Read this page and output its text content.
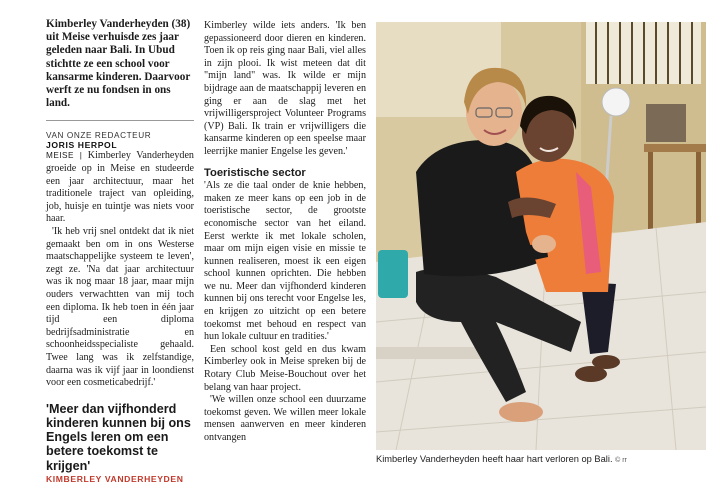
Kimberley Vanderheyden (38) uit Meise verhuisde zes jaar geleden naar Bali. In Ubud stichtte ze een school voor kansarme kinderen. Daarvoor werft ze nu fondsen in ons land.

VAN ONZE REDACTEUR
JORIS HERPOL

MEISE | Kimberley Vanderheyden groeide op in Meise en studeerde een jaar architectuur, maar het traditionele traject van opleiding, job, huisje en tuintje was niets voor haar.

'Ik heb vrij snel ontdekt dat ik niet gemaakt ben om in ons Westerse maatschappelijke systeem te leven', zegt ze. 'Na dat jaar architectuur was ik nog maar 18 jaar, maar mijn ouders verwachtten van mij toch een diploma. Ik heb toen in één jaar tijd een diploma bedrijfsadministratie en schoonheidsspecialiste gehaald. Twee lang was ik zelfstandige, daarna was ik vijf jaar in loondienst voor een cosmeticabedrijf.'

'Meer dan vijfhonderd kinderen kunnen bij ons Engels leren om een betere toekomst te krijgen'
KIMBERLEY VANDERHEYDEN

Kimberley wilde iets anders. 'Ik ben gepassioneerd door dieren en kinderen. Toen ik op reis ging naar Bali, viel alles in zijn plooi. Ik wist meteen dat dit "mijn land" was. Ik wilde er mijn bijdrage aan de maatschappij leveren en ging er aan de slag met het vrijwilligersproject Volunteer Programs (VP) Bali. Ik train er vrijwilligers die kansarme kinderen op een speelse maar leerrijke manier Engelse les geven.'

Toeristische sector

'Als ze die taal onder de knie hebben, maken ze meer kans op een job in de toeristische sector, de grootste economische sector van het eiland. Eerst werkte ik met lokale scholen, maar om mijn eigen visie en missie te kunnen realiseren, moest ik een eigen school kunnen oprichten. Die hebben we nu. Meer dan vijfhonderd kinderen kunnen bij ons terecht voor Engelse les, en krijgen zo uitzicht op een betere toekomst met behoud en respect van hun lokale cultuur en tradities.'

Een school kost geld en dus kwam Kimberley ook in Meise spreken bij de Rotary Club Meise-Bouchout over het belang van haar project.

'We willen onze school een duurzame toekomst geven. We willen meer lokale mensen aanwerven en meer kinderen ontvangen

Kimberley Vanderheyden heeft haar hart verloren op Bali. © rr
